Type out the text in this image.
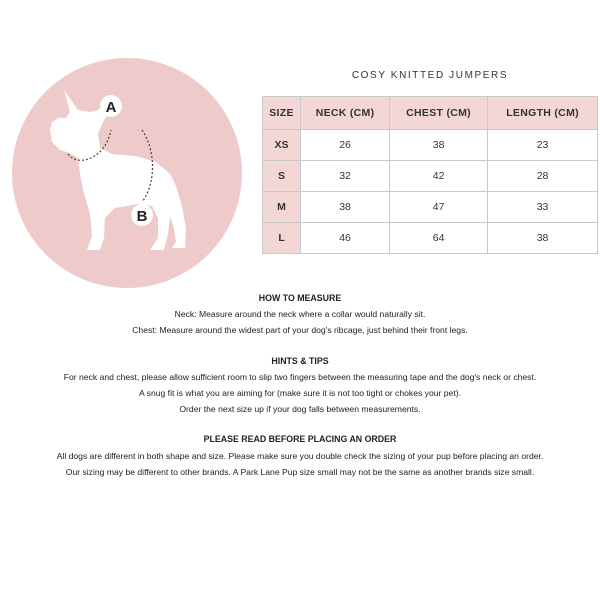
A
B
COSY KNITTED JUMPERS
SIZE	NECK (CM)	CHEST (CM)	LENGTH (CM)
XS	26	38	23
S	32	42	28
M	38	47	33
L	46	64	38
HOW TO MEASURE
Neck: Measure around the neck where a collar would naturally sit.
Chest: Measure around the widest part of your dog's ribcage, just behind their front legs.
HINTS & TIPS
For neck and chest, please allow sufficient room to slip two fingers between the measuring tape and the dog's neck or chest.
A snug fit is what you are aiming for (make sure it is not too tight or chokes your pet).
Order the next size up if your dog falls between measurements.
PLEASE READ BEFORE PLACING AN ORDER
All dogs are different in both shape and size. Please make sure you double check the sizing of your pup before placing an order.
Our sizing may be different to other brands. A Park Lane Pup size small may not be the same as another brands size small.
